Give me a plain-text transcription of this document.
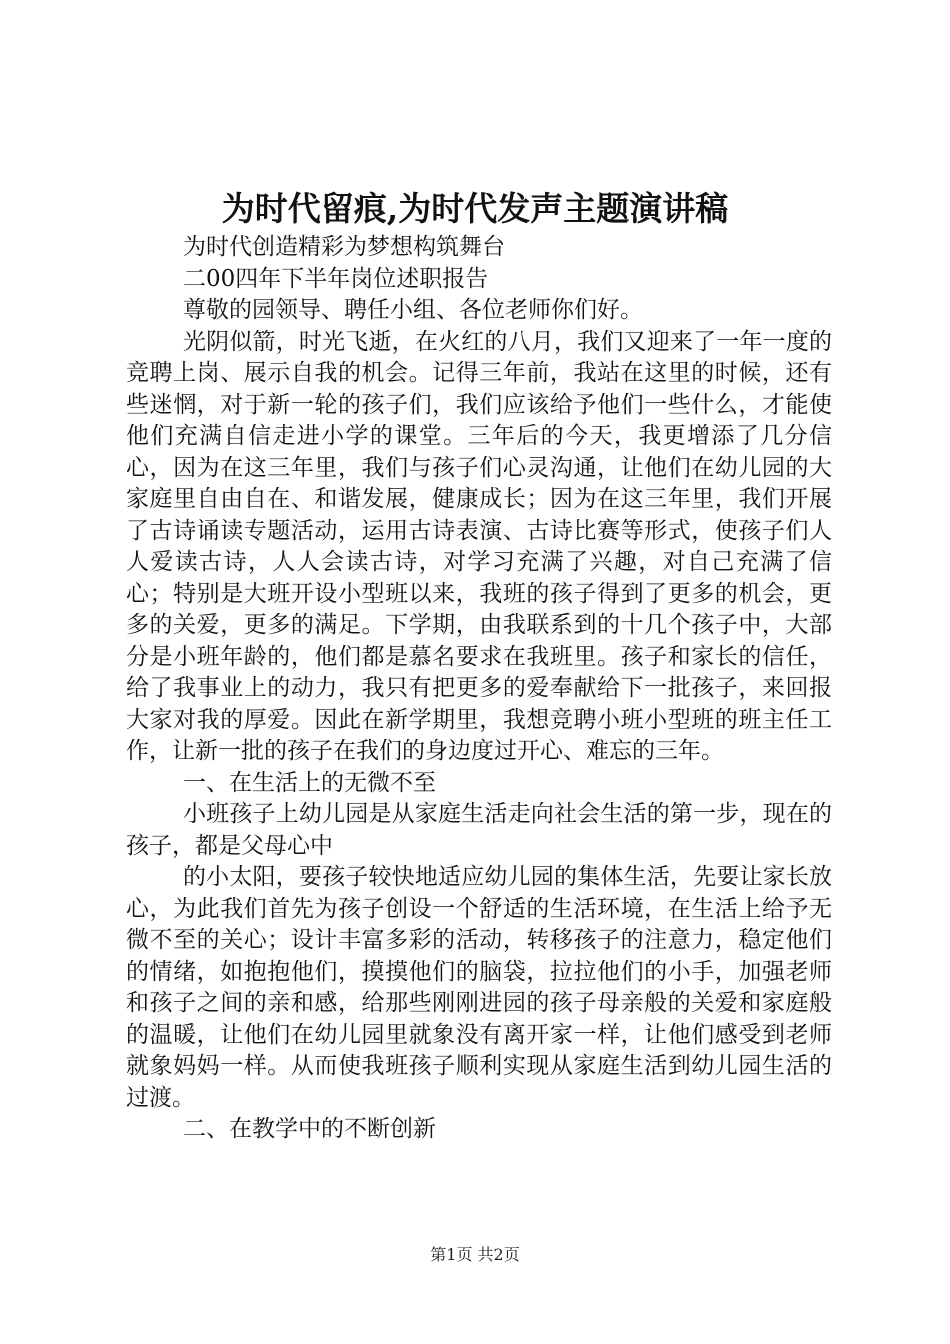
为时代留痕,为时代发声主题演讲稿

为时代创造精彩为梦想构筑舞台

二00四年下半年岗位述职报告

尊敬的园领导、聘任小组、各位老师你们好。

光阴似箭，时光飞逝，在火红的八月，我们又迎来了一年一度的竞聘上岗、展示自我的机会。记得三年前，我站在这里的时候，还有些迷惘，对于新一轮的孩子们，我们应该给予他们一些什么，才能使他们充满自信走进小学的课堂。三年后的今天，我更增添了几分信心，因为在这三年里，我们与孩子们心灵沟通，让他们在幼儿园的大家庭里自由自在、和谐发展，健康成长；因为在这三年里，我们开展了古诗诵读专题活动，运用古诗表演、古诗比赛等形式，使孩子们人人爱读古诗，人人会读古诗，对学习充满了兴趣，对自己充满了信心；特别是大班开设小型班以来，我班的孩子得到了更多的机会，更多的关爱，更多的满足。下学期，由我联系到的十几个孩子中，大部分是小班年龄的，他们都是慕名要求在我班里。孩子和家长的信任，给了我事业上的动力，我只有把更多的爱奉献给下一批孩子，来回报大家对我的厚爱。因此在新学期里，我想竞聘小班小型班的班主任工作，让新一批的孩子在我们的身边度过开心、难忘的三年。

一、在生活上的无微不至

小班孩子上幼儿园是从家庭生活走向社会生活的第一步，现在的孩子，都是父母心中

的小太阳，要孩子较快地适应幼儿园的集体生活，先要让家长放心，为此我们首先为孩子创设一个舒适的生活环境，在生活上给予无微不至的关心；设计丰富多彩的活动，转移孩子的注意力，稳定他们的情绪，如抱抱他们，摸摸他们的脑袋，拉拉他们的小手，加强老师和孩子之间的亲和感，给那些刚刚进园的孩子母亲般的关爱和家庭般的温暖，让他们在幼儿园里就象没有离开家一样，让他们感受到老师就象妈妈一样。从而使我班孩子顺利实现从家庭生活到幼儿园生活的过渡。

二、在教学中的不断创新

第1页 共2页
